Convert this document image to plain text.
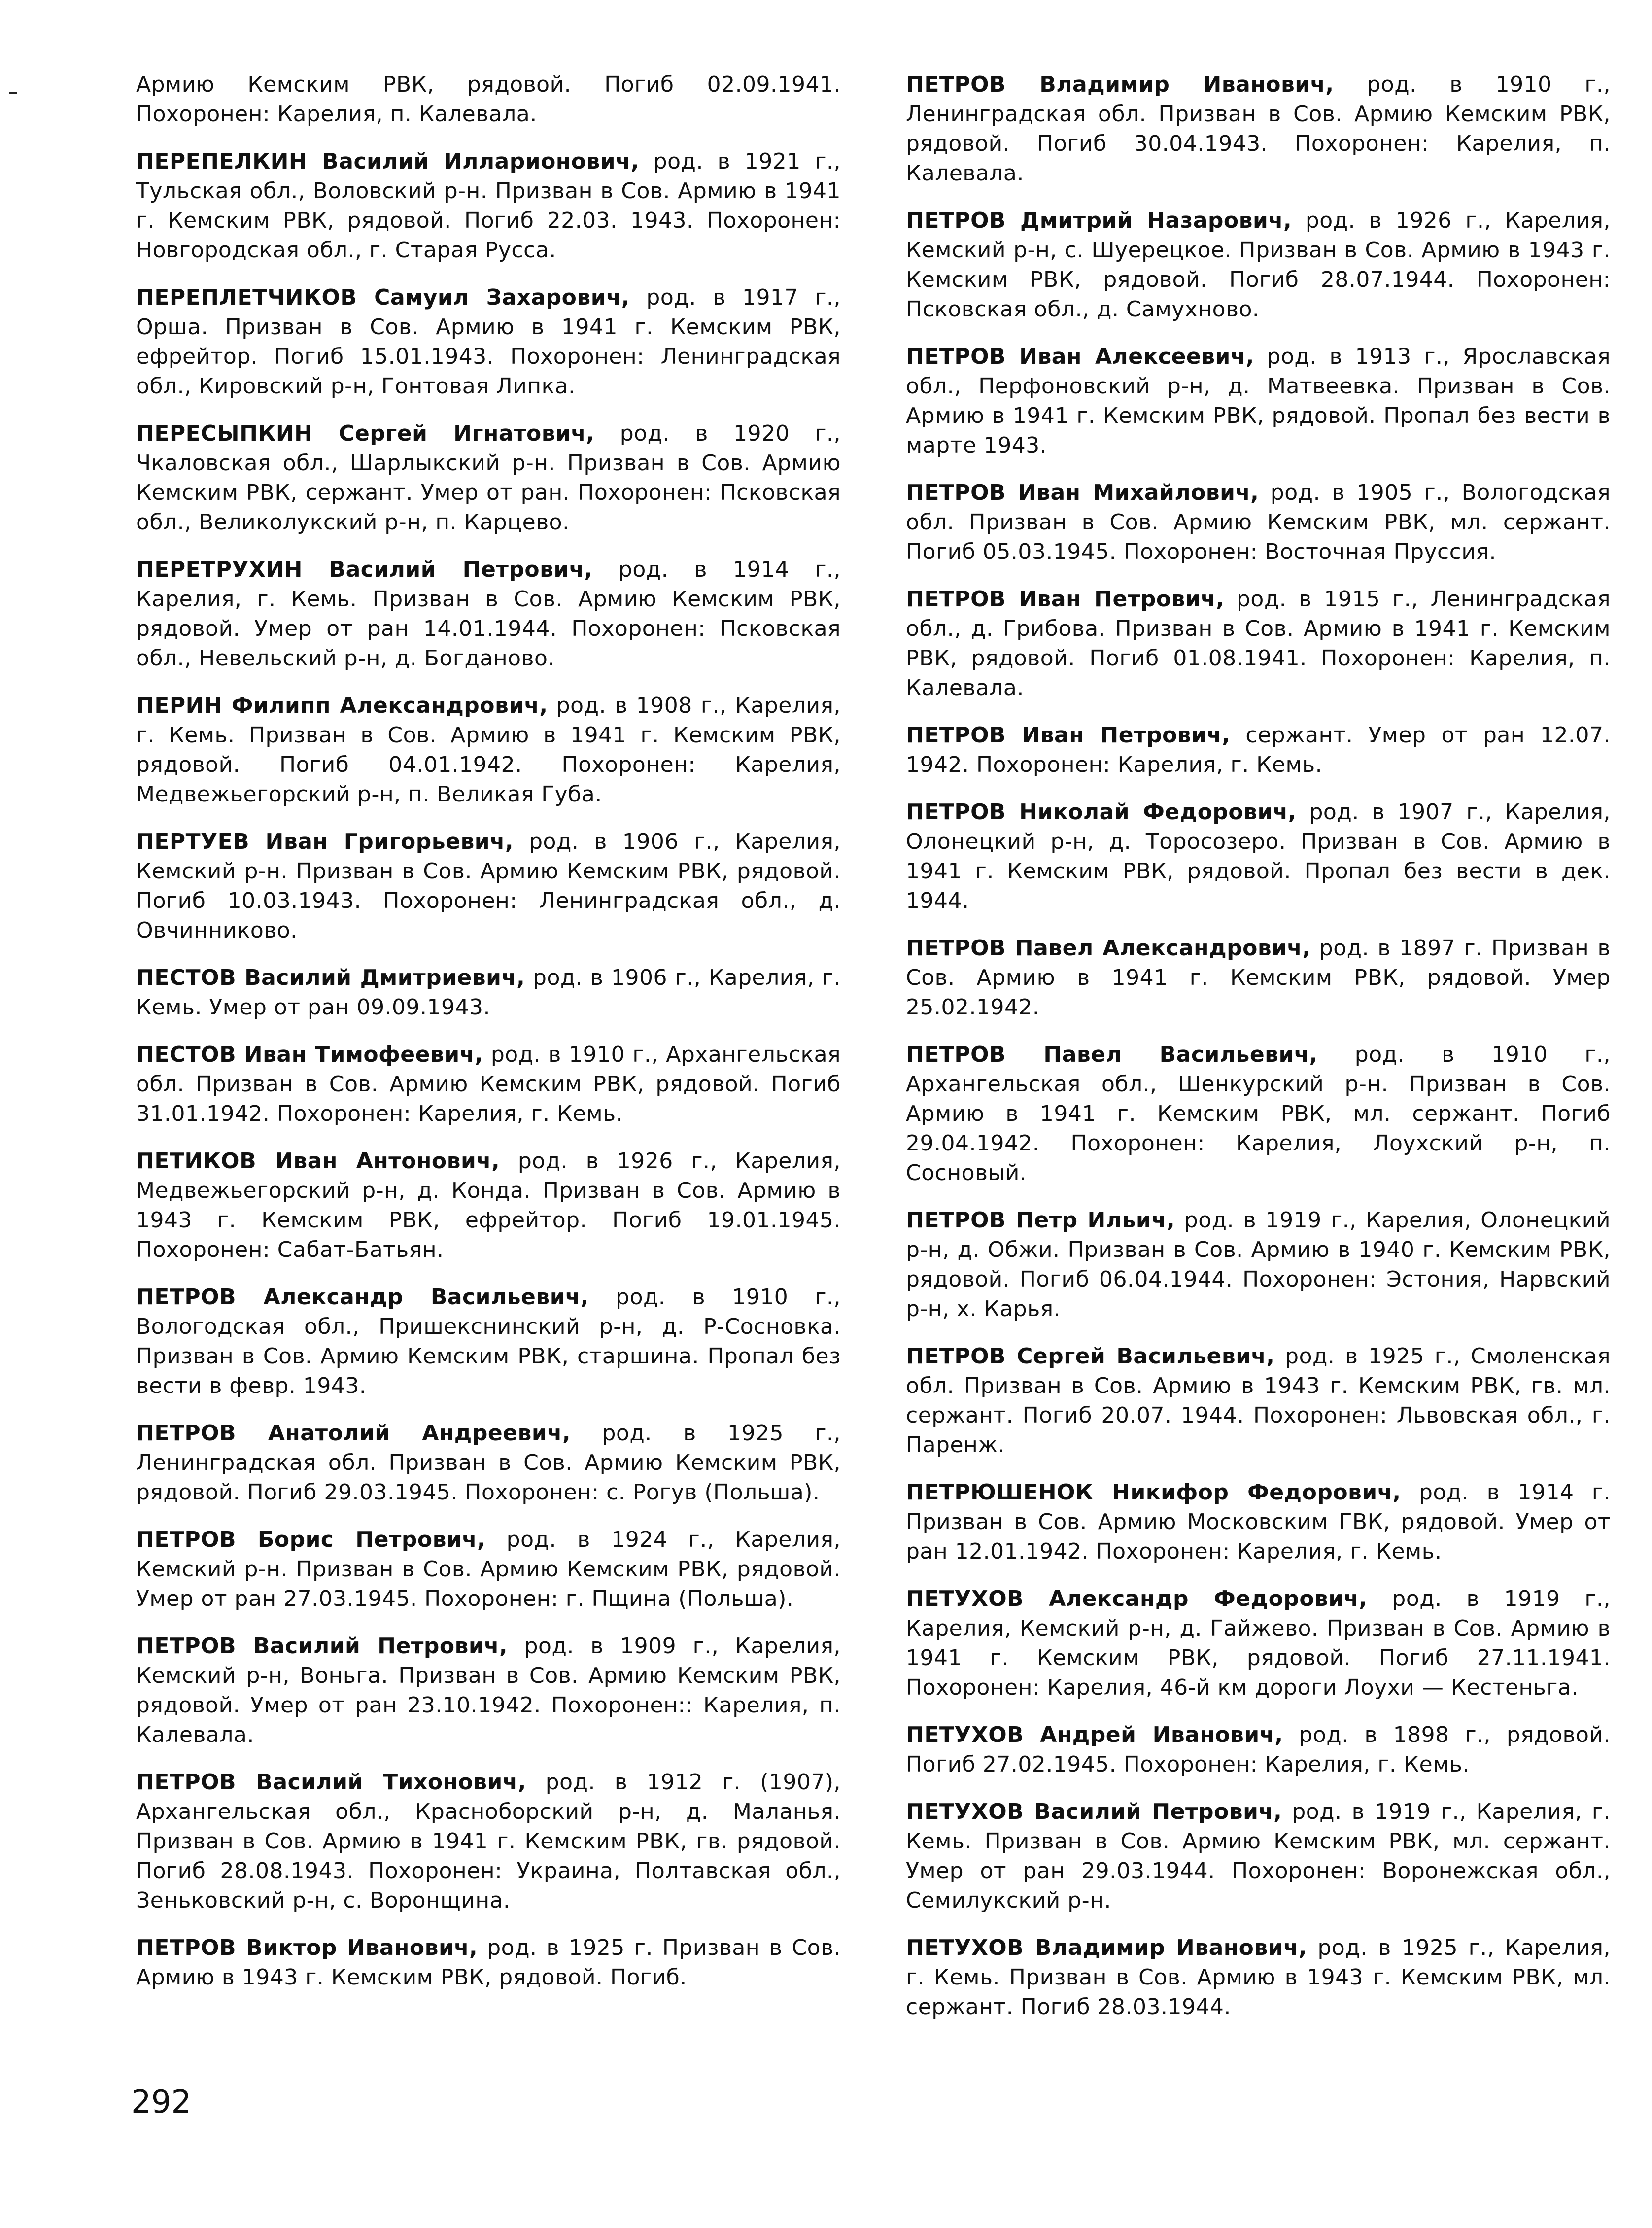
Армию Кемским РВК, рядовой. Погиб 02.09.1941. Похоронен: Карелия, п. Калевала.

ПЕРЕПЕЛКИН Василий Илларионович, род. в 1921 г., Тульская обл., Воловский р-н. Призван в Сов. Армию в 1941 г. Кемским РВК, рядовой. Погиб 22.03. 1943. Похоронен: Новгородская обл., г. Старая Русса.

ПЕРЕПЛЕТЧИКОВ Самуил Захарович, род. в 1917 г., Орша. Призван в Сов. Армию в 1941 г. Кемским РВК, ефрейтор. Погиб 15.01.1943. Похоронен: Ленинградская обл., Кировский р-н, Гонтовая Липка.

ПЕРЕСЫПКИН Сергей Игнатович, род. в 1920 г., Чкаловская обл., Шарлыкский р-н. Призван в Сов. Армию Кемским РВК, сержант. Умер от ран. Похоронен: Псковская обл., Великолукский р-н, п. Карцево.

ПЕРЕТРУХИН Василий Петрович, род. в 1914 г., Карелия, г. Кемь. Призван в Сов. Армию Кемским РВК, рядовой. Умер от ран 14.01.1944. Похоронен: Псковская обл., Невельский р-н, д. Богданово.

ПЕРИН Филипп Александрович, род. в 1908 г., Карелия, г. Кемь. Призван в Сов. Армию в 1941 г. Кемским РВК, рядовой. Погиб 04.01.1942. Похоронен: Карелия, Медвежьегорский р-н, п. Великая Губа.

ПЕРТУЕВ Иван Григорьевич, род. в 1906 г., Карелия, Кемский р-н. Призван в Сов. Армию Кемским РВК, рядовой. Погиб 10.03.1943. Похоронен: Ленинградская обл., д. Овчинниково.

ПЕСТОВ Василий Дмитриевич, род. в 1906 г., Карелия, г. Кемь. Умер от ран 09.09.1943.

ПЕСТОВ Иван Тимофеевич, род. в 1910 г., Архангельская обл. Призван в Сов. Армию Кемским РВК, рядовой. Погиб 31.01.1942. Похоронен: Карелия, г. Кемь.

ПЕТИКОВ Иван Антонович, род. в 1926 г., Карелия, Медвежьегорский р-н, д. Конда. Призван в Сов. Армию в 1943 г. Кемским РВК, ефрейтор. Погиб 19.01.1945. Похоронен: Сабат-Батьян.

ПЕТРОВ Александр Васильевич, род. в 1910 г., Вологодская обл., Пришекснинский р-н, д. Р-Сосновка. Призван в Сов. Армию Кемским РВК, старшина. Пропал без вести в февр. 1943.

ПЕТРОВ Анатолий Андреевич, род. в 1925 г., Ленинградская обл. Призван в Сов. Армию Кемским РВК, рядовой. Погиб 29.03.1945. Похоронен: с. Рогув (Польша).

ПЕТРОВ Борис Петрович, род. в 1924 г., Карелия, Кемский р-н. Призван в Сов. Армию Кемским РВК, рядовой. Умер от ран 27.03.1945. Похоронен: г. Пщина (Польша).

ПЕТРОВ Василий Петрович, род. в 1909 г., Карелия, Кемский р-н, Воньга. Призван в Сов. Армию Кемским РВК, рядовой. Умер от ран 23.10.1942. Похоронен:: Карелия, п. Калевала.

ПЕТРОВ Василий Тихонович, род. в 1912 г. (1907), Архангельская обл., Красноборский р-н, д. Маланья. Призван в Сов. Армию в 1941 г. Кемским РВК, гв. рядовой. Погиб 28.08.1943. Похоронен: Украина, Полтавская обл., Зеньковский р-н, с. Воронщина.

ПЕТРОВ Виктор Иванович, род. в 1925 г. Призван в Сов. Армию в 1943 г. Кемским РВК, рядовой. Погиб.

ПЕТРОВ Владимир Иванович, род. в 1910 г., Ленинградская обл. Призван в Сов. Армию Кемским РВК, рядовой. Погиб 30.04.1943. Похоронен: Карелия, п. Калевала.

ПЕТРОВ Дмитрий Назарович, род. в 1926 г., Карелия, Кемский р-н, с. Шуерецкое. Призван в Сов. Армию в 1943 г. Кемским РВК, рядовой. Погиб 28.07.1944. Похоронен: Псковская обл., д. Самухново.

ПЕТРОВ Иван Алексеевич, род. в 1913 г., Ярославская обл., Перфоновский р-н, д. Матвеевка. Призван в Сов. Армию в 1941 г. Кемским РВК, рядовой. Пропал без вести в марте 1943.

ПЕТРОВ Иван Михайлович, род. в 1905 г., Вологодская обл. Призван в Сов. Армию Кемским РВК, мл. сержант. Погиб 05.03.1945. Похоронен: Восточная Пруссия.

ПЕТРОВ Иван Петрович, род. в 1915 г., Ленинградская обл., д. Грибова. Призван в Сов. Армию в 1941 г. Кемским РВК, рядовой. Погиб 01.08.1941. Похоронен: Карелия, п. Калевала.

ПЕТРОВ Иван Петрович, сержант. Умер от ран 12.07. 1942. Похоронен: Карелия, г. Кемь.

ПЕТРОВ Николай Федорович, род. в 1907 г., Карелия, Олонецкий р-н, д. Торосозеро. Призван в Сов. Армию в 1941 г. Кемским РВК, рядовой. Пропал без вести в дек. 1944.

ПЕТРОВ Павел Александрович, род. в 1897 г. Призван в Сов. Армию в 1941 г. Кемским РВК, рядовой. Умер 25.02.1942.

ПЕТРОВ Павел Васильевич, род. в 1910 г., Архангельская обл., Шенкурский р-н. Призван в Сов. Армию в 1941 г. Кемским РВК, мл. сержант. Погиб 29.04.1942. Похоронен: Карелия, Лоухский р-н, п. Сосновый.

ПЕТРОВ Петр Ильич, род. в 1919 г., Карелия, Олонецкий р-н, д. Обжи. Призван в Сов. Армию в 1940 г. Кемским РВК, рядовой. Погиб 06.04.1944. Похоронен: Эстония, Нарвский р-н, х. Карья.

ПЕТРОВ Сергей Васильевич, род. в 1925 г., Смоленская обл. Призван в Сов. Армию в 1943 г. Кемским РВК, гв. мл. сержант. Погиб 20.07. 1944. Похоронен: Львовская обл., г. Паренж.

ПЕТРЮШЕНОК Никифор Федорович, род. в 1914 г. Призван в Сов. Армию Московским ГВК, рядовой. Умер от ран 12.01.1942. Похоронен: Карелия, г. Кемь.

ПЕТУХОВ Александр Федорович, род. в 1919 г., Карелия, Кемский р-н, д. Гайжево. Призван в Сов. Армию в 1941 г. Кемским РВК, рядовой. Погиб 27.11.1941. Похоронен: Карелия, 46-й км дороги Лоухи — Кестеньга.

ПЕТУХОВ Андрей Иванович, род. в 1898 г., рядовой. Погиб 27.02.1945. Похоронен: Карелия, г. Кемь.

ПЕТУХОВ Василий Петрович, род. в 1919 г., Карелия, г. Кемь. Призван в Сов. Армию Кемским РВК, мл. сержант. Умер от ран 29.03.1944. Похоронен: Воронежская обл., Семилукский р-н.

ПЕТУХОВ Владимир Иванович, род. в 1925 г., Карелия, г. Кемь. Призван в Сов. Армию в 1943 г. Кемским РВК, мл. сержант. Погиб 28.03.1944.

292
